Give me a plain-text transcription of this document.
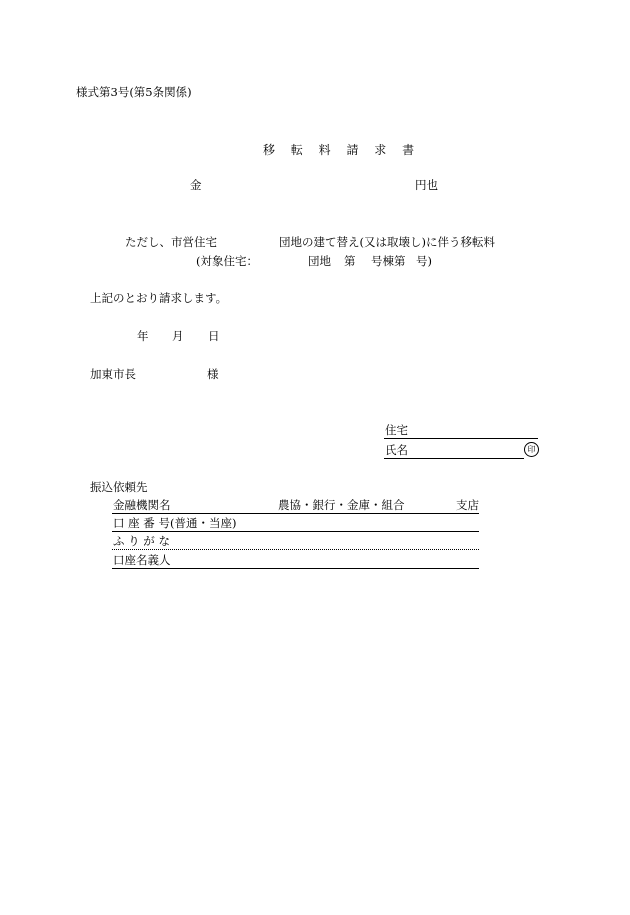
様式第3号(第5条関係)
移 転 料 請 求 書
金	円也
ただし、市営住宅	団地の建て替え(又は取壊し)に伴う移転料
(対象住宅：	団地 第 号棟第 号)
上記のとおり請求します。
年 月 日
加東市長	様
住宅
氏名	印
振込依頼先
金融機関名	農協・銀行・金庫・組合	支店
口 座 番 号(普通・当座)
ふ り が な
口座名義人
